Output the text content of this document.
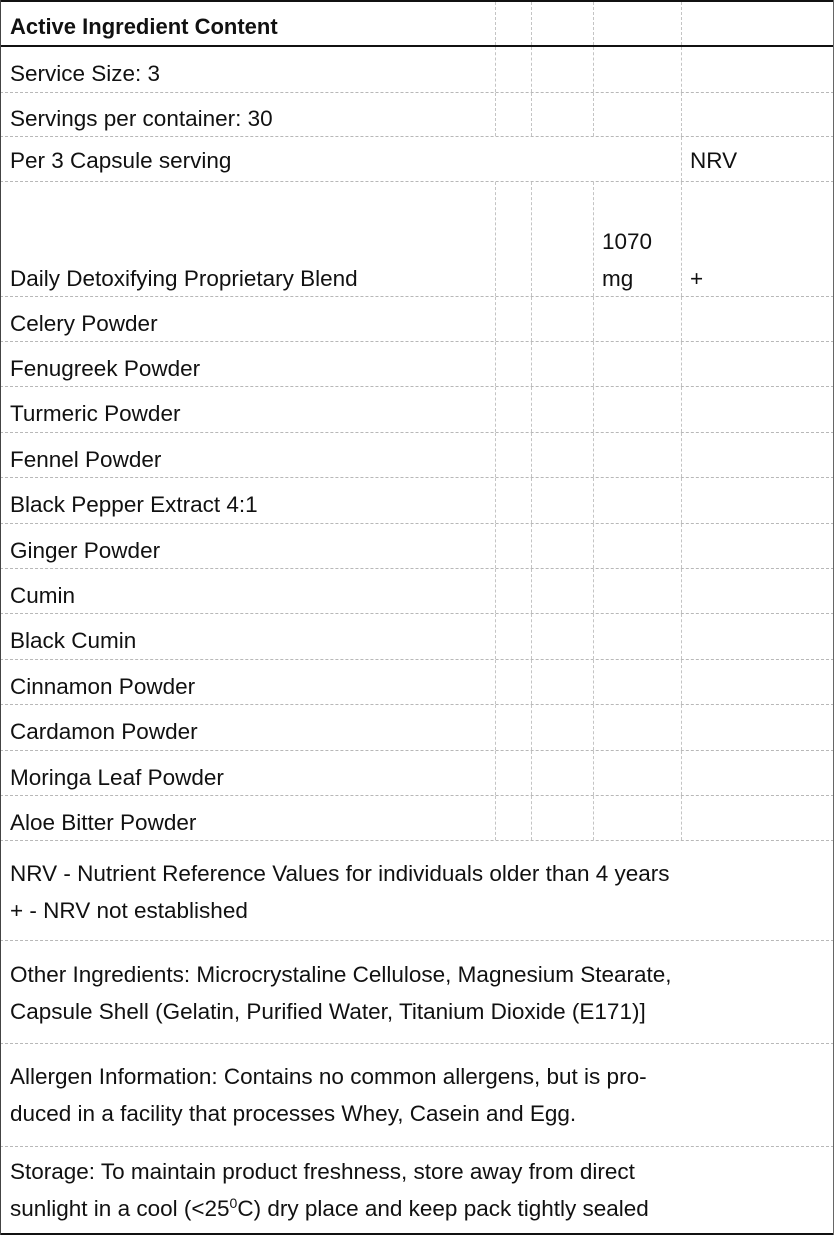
Active Ingredient Content
Service Size: 3
Servings per container: 30
Per 3 Capsule serving	NRV
Daily Detoxifying Proprietary Blend
1070
mg	+
Celery Powder
Fenugreek Powder
Turmeric Powder
Fennel Powder
Black Pepper Extract 4:1
Ginger Powder
Cumin
Black Cumin
Cinnamon Powder
Cardamon Powder
Moringa Leaf Powder
Aloe Bitter Powder
NRV - Nutrient Reference Values for individuals older than 4 years
+ - NRV not established
Other Ingredients: Microcrystaline Cellulose, Magnesium Stearate,
Capsule Shell (Gelatin, Purified Water, Titanium Dioxide (E171)]
Allergen Information: Contains no common allergens, but is pro-
duced in a facility that processes Whey, Casein and Egg.
Storage: To maintain product freshness, store away from direct
sunlight in a cool $(<25^0C)$ dry place and keep pack tightly sealed
